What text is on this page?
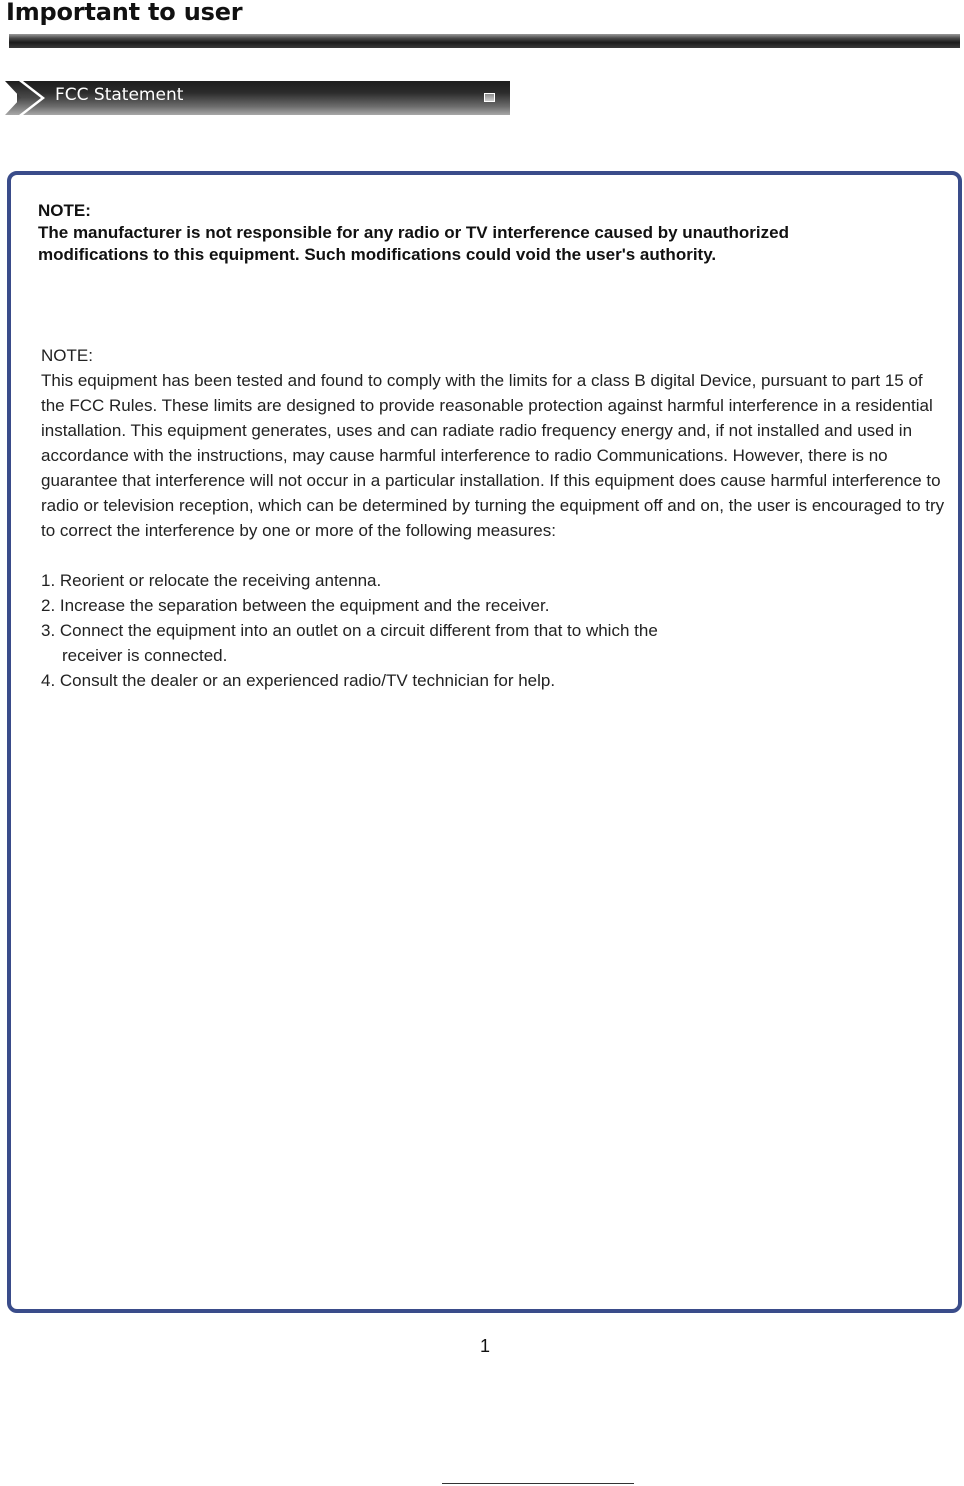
Important to user
FCC Statement

NOTE:

The manufacturer is not responsible for any radio or TV interference caused by unauthorized

modifications to this equipment. Such modifications could void the user's authority.

NOTE:

This equipment has been tested and found to comply with the limits for a class B digital Device, pursuant to part 15 of the FCC Rules. These limits are designed to provide reasonable protection against harmful interference in a residential installation. This equipment generates, uses and can radiate radio frequency energy and, if not installed and used in accordance with the instructions, may cause harmful interference to radio Communications. However, there is no guarantee that interference will not occur in a particular installation. If this equipment does cause harmful interference to radio or television reception, which can be determined by turning the equipment off and on, the user is encouraged to try to correct the interference by one or more of the following measures:

1. Reorient or relocate the receiving antenna.
2. Increase the separation between the equipment and the receiver.
3. Connect the equipment into an outlet on a circuit different from that to which the
receiver is connected.
4. Consult the dealer or an experienced radio/TV technician for help.
1
